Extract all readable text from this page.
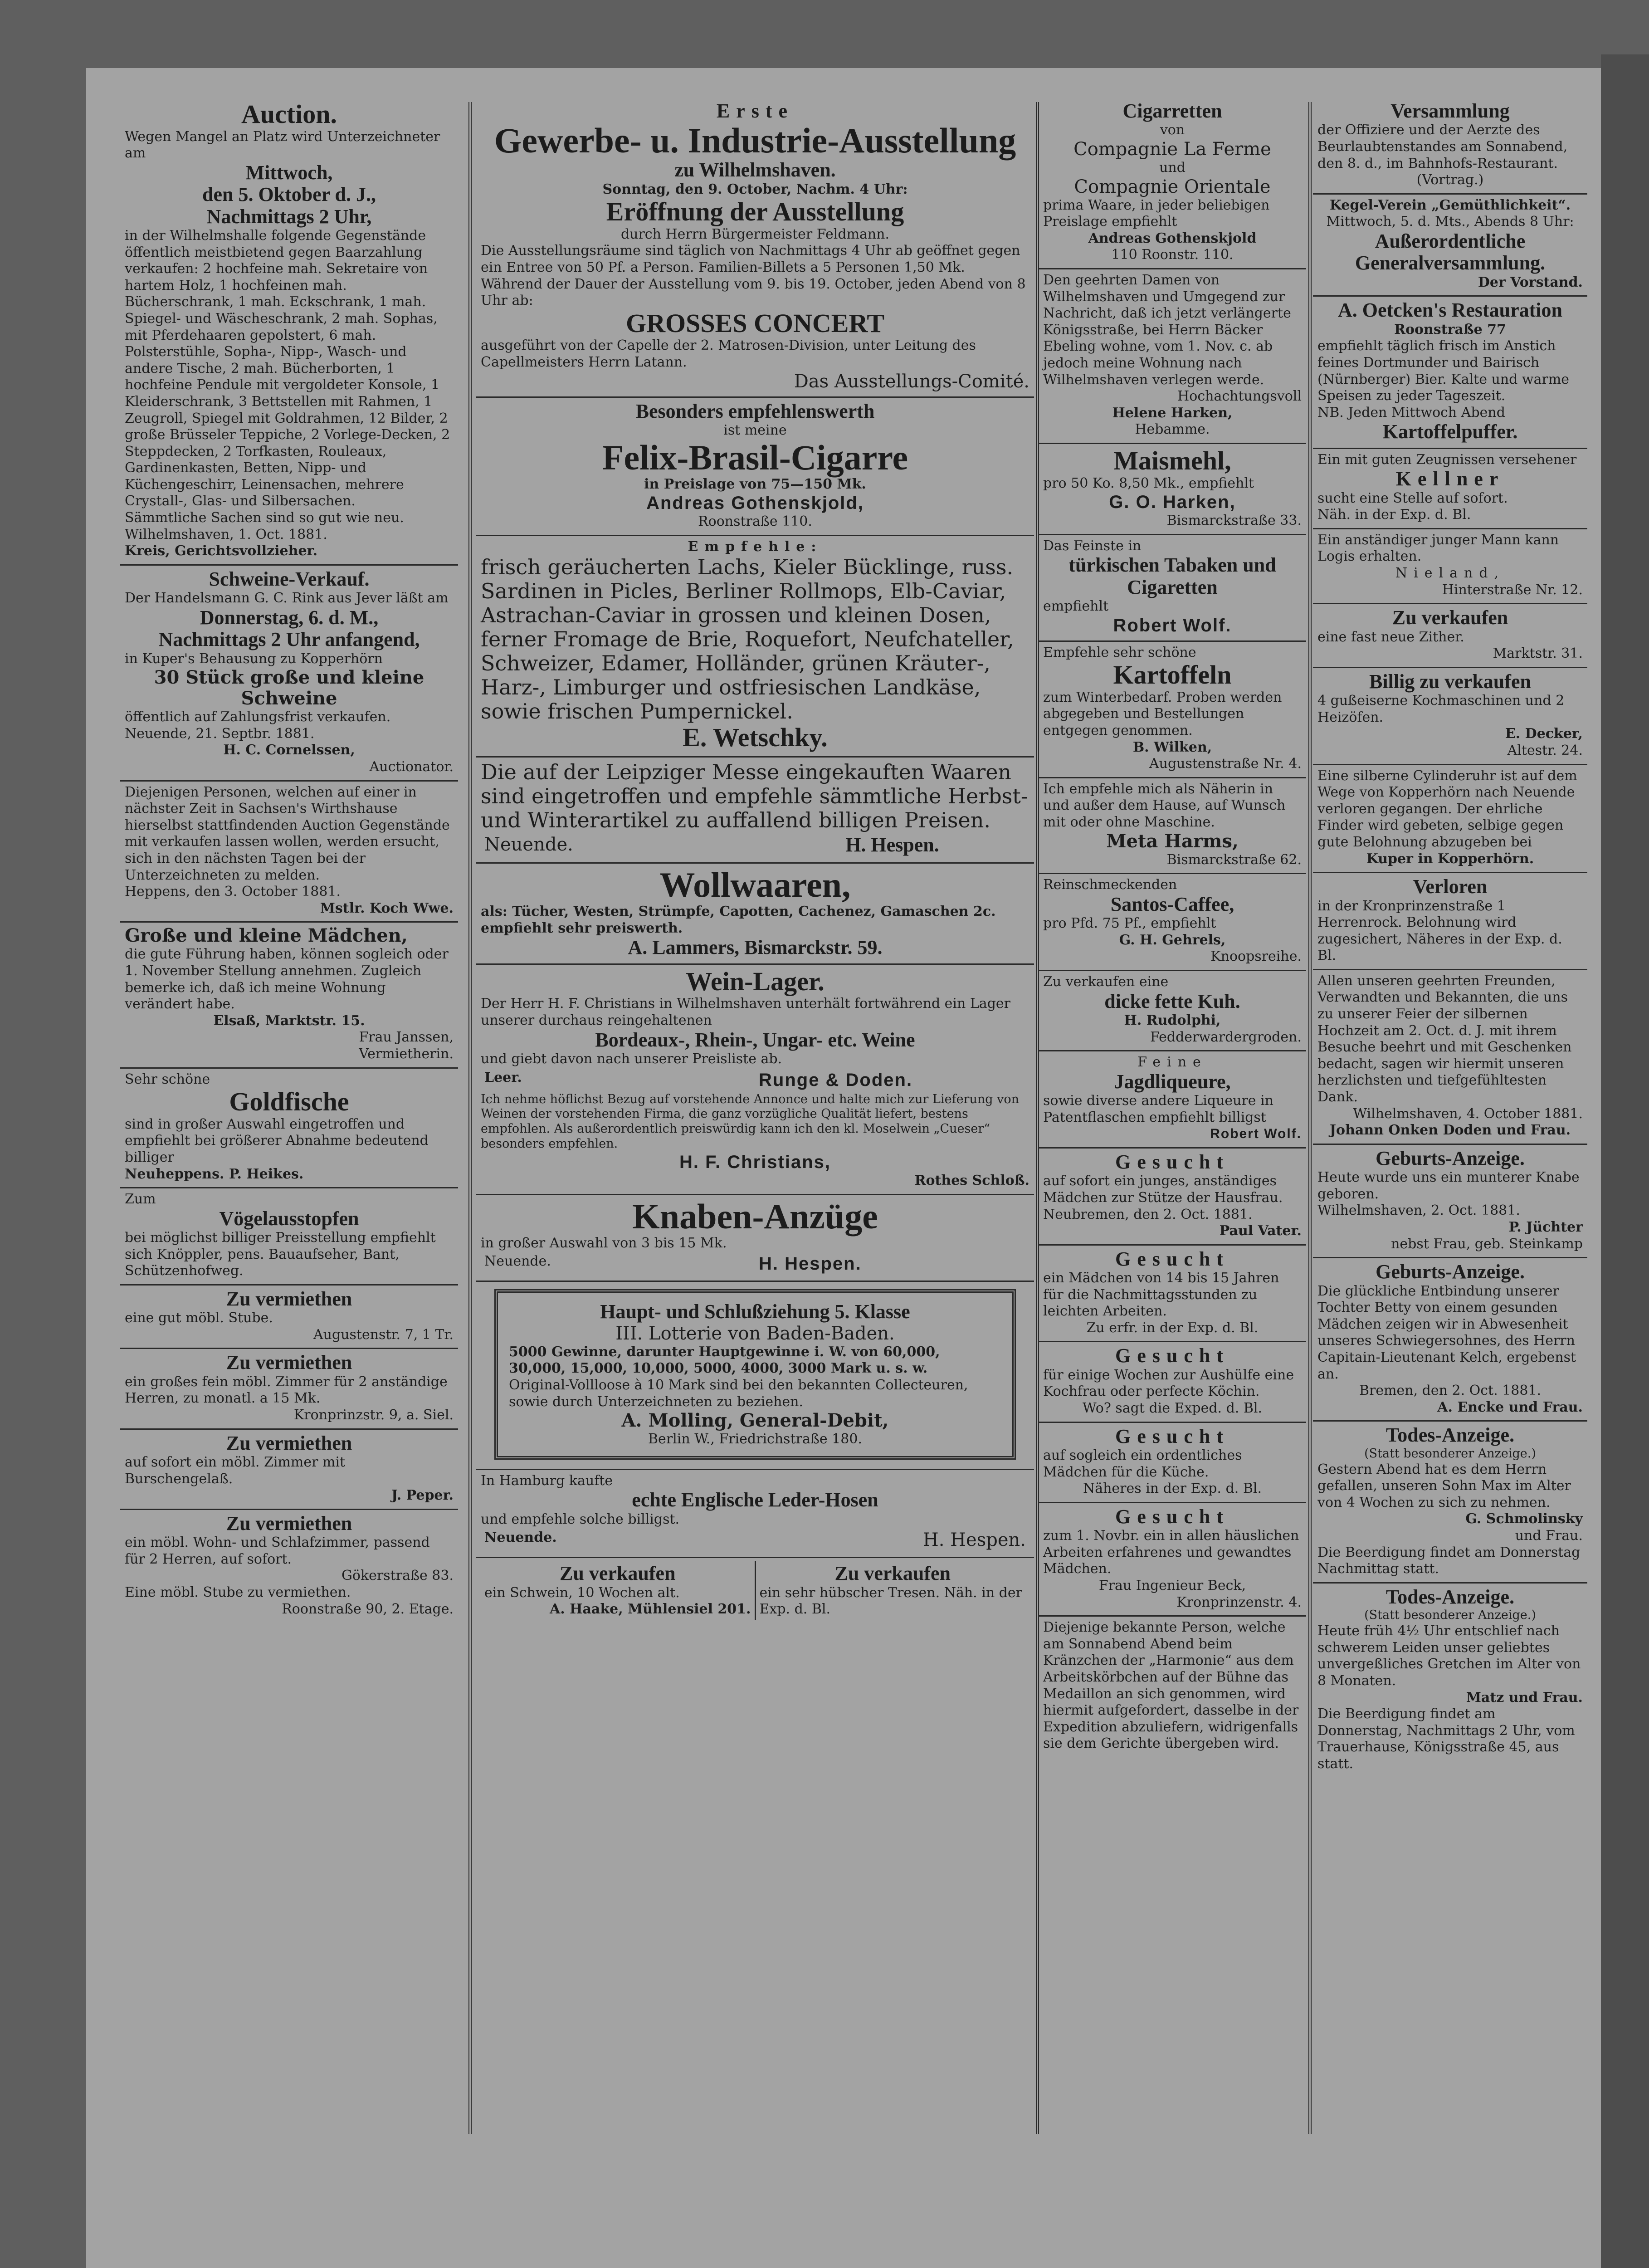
Auction.

Wegen Mangel an Platz wird Unterzeichneter am

Mittwoch,
den 5. Oktober d. J.,
Nachmittags 2 Uhr,

in der Wilhelmshalle folgende Gegenstände öffentlich meistbietend gegen Baarzahlung verkaufen: 2 hochfeine mah. Sekretaire von hartem Holz, 1 hochfeinen mah. Bücherschrank, 1 mah. Eckschrank, 1 mah. Spiegel- und Wäscheschrank, 2 mah. Sophas, mit Pferdehaaren gepolstert, 6 mah. Polsterstühle, Sopha-, Nipp-, Wasch- und andere Tische, 2 mah. Bücherborten, 1 hochfeine Pendule mit vergoldeter Konsole, 1 Kleiderschrank, 3 Bettstellen mit Rahmen, 1 Zeugroll, Spiegel mit Goldrahmen, 12 Bilder, 2 große Brüsseler Teppiche, 2 Vorlege-Decken, 2 Steppdecken, 2 Torfkasten, Rouleaux, Gardinenkasten, Betten, Nipp- und Küchengeschirr, Leinensachen, mehrere Crystall-, Glas- und Silbersachen.

Sämmtliche Sachen sind so gut wie neu.

Wilhelmshaven, 1. Oct. 1881.

Kreis, Gerichtsvollzieher.

Schweine-Verkauf.

Der Handelsmann G. C. Rink aus Jever läßt am

Donnerstag, 6. d. M.,
Nachmittags 2 Uhr anfangend,

in Kuper's Behausung zu Kopperhörn

30 Stück große und kleine Schweine

öffentlich auf Zahlungsfrist verkaufen.

Neuende, 21. Septbr. 1881.

H. C. Cornelssen,

Auctionator.

Diejenigen Personen, welchen auf einer in nächster Zeit in Sachsen's Wirthshause hierselbst stattfindenden Auction Gegenstände mit verkaufen lassen wollen, werden ersucht, sich in den nächsten Tagen bei der Unterzeichneten zu melden.

Heppens, den 3. October 1881.

Mstlr. Koch Wwe.

Große und kleine Mädchen,

die gute Führung haben, können sogleich oder 1. November Stellung annehmen. Zugleich bemerke ich, daß ich meine Wohnung verändert habe.

Elsaß, Marktstr. 15.

Frau Janssen,

Vermietherin.

Sehr schöne

Goldfische

sind in großer Auswahl eingetroffen und empfiehlt bei größerer Abnahme bedeutend billiger

Neuheppens. P. Heikes.

Zum

Vögelausstopfen

bei möglichst billiger Preisstellung empfiehlt sich Knöppler, pens. Bauaufseher, Bant, Schützenhofweg.

Zu vermiethen

eine gut möbl. Stube.

Augustenstr. 7, 1 Tr.

Zu vermiethen

ein großes fein möbl. Zimmer für 2 anständige Herren, zu monatl. a 15 Mk.

Kronprinzstr. 9, a. Siel.

Zu vermiethen

auf sofort ein möbl. Zimmer mit Burschengelaß.

J. Peper.

Zu vermiethen

ein möbl. Wohn- und Schlafzimmer, passend für 2 Herren, auf sofort.

Gökerstraße 83.

Eine möbl. Stube zu vermiethen.

Roonstraße 90, 2. Etage.

Erste
Gewerbe- u. Industrie-Ausstellung
zu Wilhelmshaven.

Sonntag, den 9. October, Nachm. 4 Uhr:

Eröffnung der Ausstellung

durch Herrn Bürgermeister Feldmann.

Die Ausstellungsräume sind täglich von Nachmittags 4 Uhr ab geöffnet gegen ein Entree von 50 Pf. a Person. Familien-Billets a 5 Personen 1,50 Mk.

Während der Dauer der Ausstellung vom 9. bis 19. October, jeden Abend von 8 Uhr ab:

GROSSES CONCERT

ausgeführt von der Capelle der 2. Matrosen-Division, unter Leitung des Capellmeisters Herrn Latann.

Das Ausstellungs-Comité.

Besonders empfehlenswerth

ist meine

Felix-Brasil-Cigarre

in Preislage von 75—150 Mk.

Andreas Gothenskjold,

Roonstraße 110.

Empfehle:

frisch geräucherten Lachs, Kieler Bücklinge, russ. Sardinen in Picles, Berliner Rollmops, Elb-Caviar, Astrachan-Caviar in grossen und kleinen Dosen, ferner Fromage de Brie, Roquefort, Neufchateller, Schweizer, Edamer, Holländer, grünen Kräuter-, Harz-, Limburger und ostfriesischen Landkäse, sowie frischen Pumpernickel.

E. Wetschky.

Die auf der Leipziger Messe eingekauften Waaren sind eingetroffen und empfehle sämmtliche Herbst- und Winterartikel zu auffallend billigen Preisen.

Neuende.	H. Hespen.
Wollwaaren,

als: Tücher, Westen, Strümpfe, Capotten, Cachenez, Gamaschen 2c. empfiehlt sehr preiswerth.

A. Lammers, Bismarckstr. 59.
Wein-Lager.

Der Herr H. F. Christians in Wilhelmshaven unterhält fortwährend ein Lager unserer durchaus reingehaltenen

Bordeaux-, Rhein-, Ungar- etc. Weine

und giebt davon nach unserer Preisliste ab.

Leer.	Runge & Doden.

Ich nehme höflichst Bezug auf vorstehende Annonce und halte mich zur Lieferung von Weinen der vorstehenden Firma, die ganz vorzügliche Qualität liefert, bestens empfohlen. Als außerordentlich preiswürdig kann ich den kl. Moselwein „Cueser“ besonders empfehlen.

H. F. Christians,

Rothes Schloß.

Knaben-Anzüge

in großer Auswahl von 3 bis 15 Mk.

Neuende.	H. Hespen.
Haupt- und Schlußziehung 5. Klasse

III. Lotterie von Baden-Baden.

5000 Gewinne, darunter Hauptgewinne i. W. von 60,000, 30,000, 15,000, 10,000, 5000, 4000, 3000 Mark u. s. w.

Original-Vollloose à 10 Mark sind bei den bekannten Collecteuren, sowie durch Unterzeichneten zu beziehen.

A. Molling, General-Debit,

Berlin W., Friedrichstraße 180.

In Hamburg kaufte

echte Englische Leder-Hosen

und empfehle solche billigst.

Neuende.	H. Hespen.
Zu verkaufen

ein Schwein, 10 Wochen alt.

A. Haake, Mühlensiel 201.

Zu verkaufen

ein sehr hübscher Tresen. Näh. in der Exp. d. Bl.

Cigarretten

von

Compagnie La Ferme

und

Compagnie Orientale

prima Waare, in jeder beliebigen Preislage empfiehlt

Andreas Gothenskjold

110 Roonstr. 110.

Den geehrten Damen von Wilhelmshaven und Umgegend zur Nachricht, daß ich jetzt verlängerte Königsstraße, bei Herrn Bäcker Ebeling wohne, vom 1. Nov. c. ab jedoch meine Wohnung nach Wilhelmshaven verlegen werde.

Hochachtungsvoll

Helene Harken,

Hebamme.

Maismehl,

pro 50 Ko. 8,50 Mk., empfiehlt

G. O. Harken,

Bismarckstraße 33.

Das Feinste in

türkischen Tabaken und Cigaretten

empfiehlt

Robert Wolf.

Empfehle sehr schöne

Kartoffeln

zum Winterbedarf. Proben werden abgegeben und Bestellungen entgegen genommen.

B. Wilken,

Augustenstraße Nr. 4.

Ich empfehle mich als Näherin in und außer dem Hause, auf Wunsch mit oder ohne Maschine.

Meta Harms,

Bismarckstraße 62.

Reinschmeckenden

Santos-Caffee,

pro Pfd. 75 Pf., empfiehlt

G. H. Gehrels,

Knoopsreihe.

Zu verkaufen eine

dicke fette Kuh.

H. Rudolphi,

Fedderwardergroden.

Feine

Jagdliqueure,

sowie diverse andere Liqueure in Patentflaschen empfiehlt billigst

Robert Wolf.

Gesucht

auf sofort ein junges, anständiges Mädchen zur Stütze der Hausfrau.

Neubremen, den 2. Oct. 1881.

Paul Vater.

Gesucht

ein Mädchen von 14 bis 15 Jahren für die Nachmittagsstunden zu leichten Arbeiten.

Zu erfr. in der Exp. d. Bl.

Gesucht

für einige Wochen zur Aushülfe eine Kochfrau oder perfecte Köchin.

Wo? sagt die Exped. d. Bl.

Gesucht

auf sogleich ein ordentliches Mädchen für die Küche.

Näheres in der Exp. d. Bl.

Gesucht

zum 1. Novbr. ein in allen häuslichen Arbeiten erfahrenes und gewandtes Mädchen.

Frau Ingenieur Beck,

Kronprinzenstr. 4.

Diejenige bekannte Person, welche am Sonnabend Abend beim Kränzchen der „Harmonie“ aus dem Arbeitskörbchen auf der Bühne das Medaillon an sich genommen, wird hiermit aufgefordert, dasselbe in der Expedition abzuliefern, widrigenfalls sie dem Gerichte übergeben wird.

Versammlung

der Offiziere und der Aerzte des Beurlaubtenstandes am Sonnabend, den 8. d., im Bahnhofs-Restaurant.

(Vortrag.)

Kegel-Verein „Gemüthlichkeit“.

Mittwoch, 5. d. Mts., Abends 8 Uhr:

Außerordentliche Generalversammlung.

Der Vorstand.

A. Oetcken's Restauration

Roonstraße 77

empfiehlt täglich frisch im Anstich feines Dortmunder und Bairisch (Nürnberger) Bier. Kalte und warme Speisen zu jeder Tageszeit.

NB. Jeden Mittwoch Abend

Kartoffelpuffer.

Ein mit guten Zeugnissen versehener

Kellner

sucht eine Stelle auf sofort.

Näh. in der Exp. d. Bl.

Ein anständiger junger Mann kann Logis erhalten.

Nieland,

Hinterstraße Nr. 12.

Zu verkaufen

eine fast neue Zither.

Marktstr. 31.

Billig zu verkaufen

4 gußeiserne Kochmaschinen und 2 Heizöfen.

E. Decker,

Altestr. 24.

Eine silberne Cylinderuhr ist auf dem Wege von Kopperhörn nach Neuende verloren gegangen. Der ehrliche Finder wird gebeten, selbige gegen gute Belohnung abzugeben bei

Kuper in Kopperhörn.

Verloren

in der Kronprinzenstraße 1 Herrenrock. Belohnung wird zugesichert, Näheres in der Exp. d. Bl.

Allen unseren geehrten Freunden, Verwandten und Bekannten, die uns zu unserer Feier der silbernen Hochzeit am 2. Oct. d. J. mit ihrem Besuche beehrt und mit Geschenken bedacht, sagen wir hiermit unseren herzlichsten und tiefgefühltesten Dank.

Wilhelmshaven, 4. October 1881.

Johann Onken Doden und Frau.

Geburts-Anzeige.

Heute wurde uns ein munterer Knabe geboren.

Wilhelmshaven, 2. Oct. 1881.

P. Jüchter

nebst Frau, geb. Steinkamp

Geburts-Anzeige.

Die glückliche Entbindung unserer Tochter Betty von einem gesunden Mädchen zeigen wir in Abwesenheit unseres Schwiegersohnes, des Herrn Capitain-Lieutenant Kelch, ergebenst an.

Bremen, den 2. Oct. 1881.

A. Encke und Frau.

Todes-Anzeige.

(Statt besonderer Anzeige.)

Gestern Abend hat es dem Herrn gefallen, unseren Sohn Max im Alter von 4 Wochen zu sich zu nehmen.

G. Schmolinsky

und Frau.

Die Beerdigung findet am Donnerstag Nachmittag statt.

Todes-Anzeige.

(Statt besonderer Anzeige.)

Heute früh 4½ Uhr entschlief nach schwerem Leiden unser geliebtes unvergeßliches Gretchen im Alter von 8 Monaten.

Matz und Frau.

Die Beerdigung findet am Donnerstag, Nachmittags 2 Uhr, vom Trauerhause, Königsstraße 45, aus statt.
